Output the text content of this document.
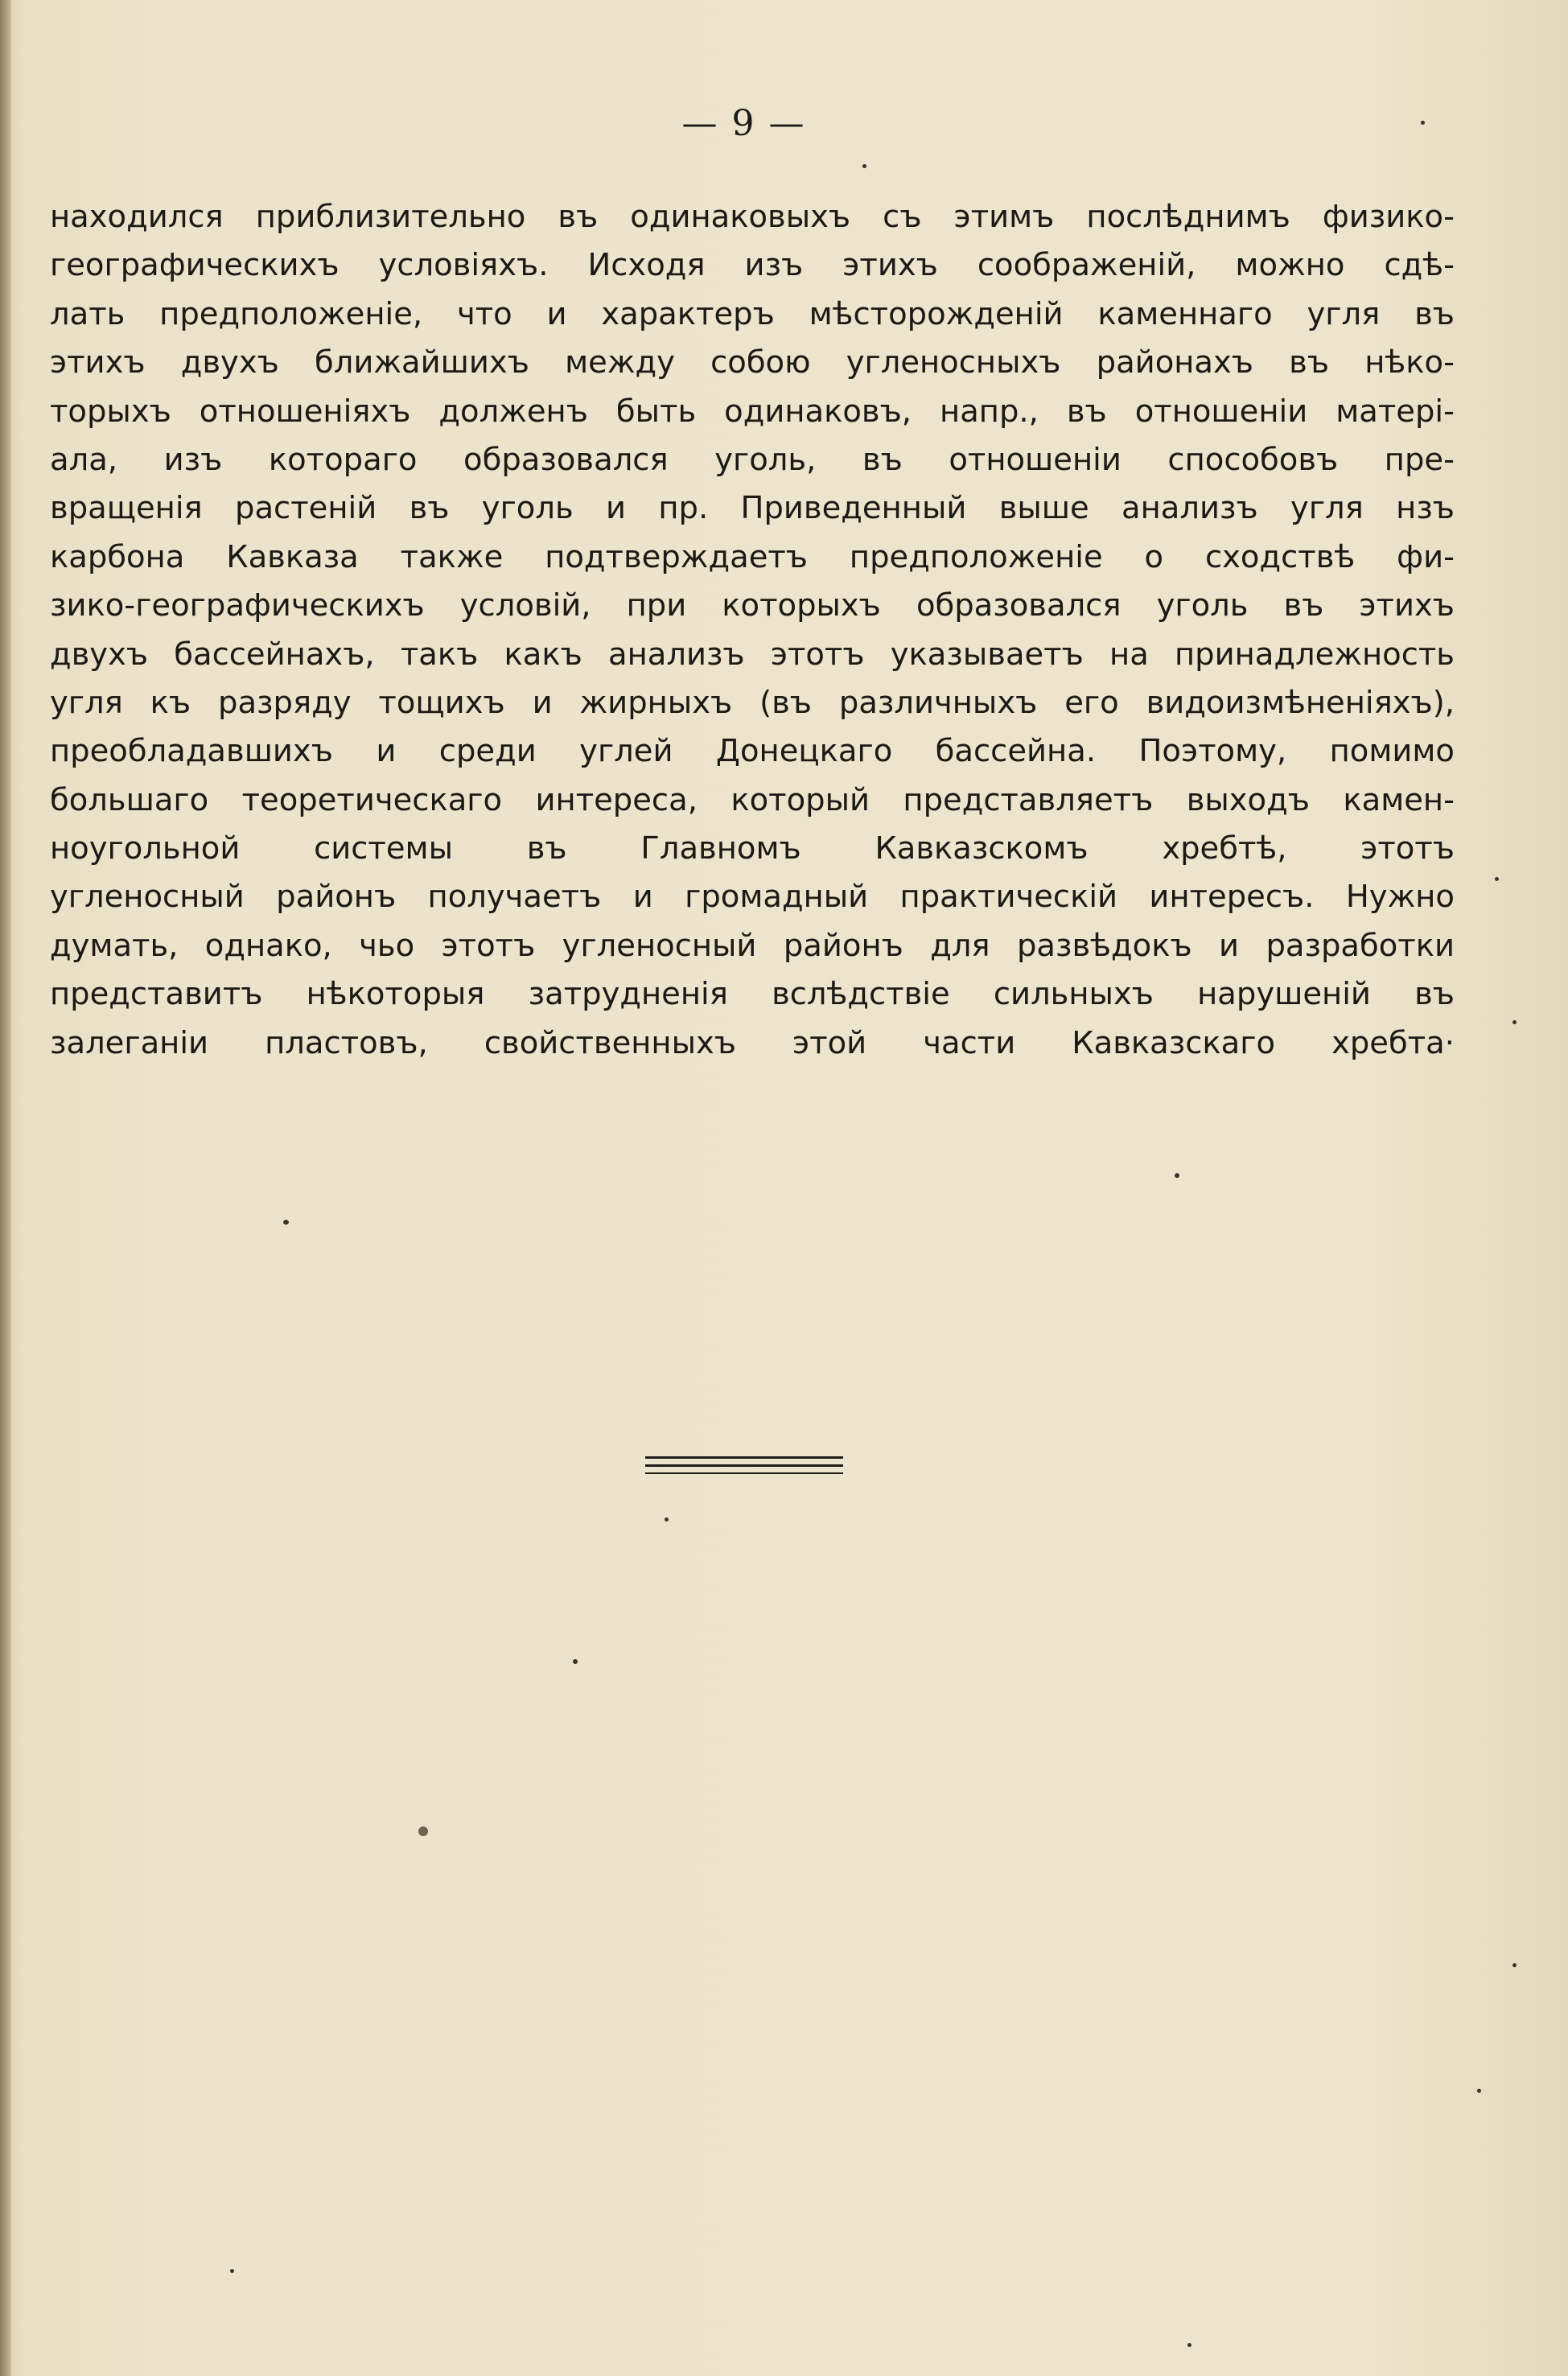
— 9 —
находился приблизительно въ одинаковыхъ съ этимъ послѣднимъ физико-
географическихъ условіяхъ. Исходя изъ этихъ соображеній, можно сдѣ-
лать предположеніе, что и характеръ мѣсторожденій каменнаго угля въ
этихъ двухъ ближайшихъ между собою угленосныхъ районахъ въ нѣко-
торыхъ отношеніяхъ долженъ быть одинаковъ, напр., въ отношеніи матері-
ала, изъ котораго образовался уголь, въ отношеніи способовъ пре-
вращенія растеній въ уголь и пр. Приведенный выше анализъ угля нзъ
карбона Кавказа также подтверждаетъ предположеніе о сходствѣ фи-
зико-географическихъ условій, при которыхъ образовался уголь въ этихъ
двухъ бассейнахъ, такъ какъ анализъ этотъ указываетъ на принадлежность
угля къ разряду тощихъ и жирныхъ (въ различныхъ его видоизмѣненіяхъ),
преобладавшихъ и среди углей Донецкаго бассейна. Поэтому, помимо
большаго теоретическаго интереса, который представляетъ выходъ камен-
ноугольной системы въ Главномъ Кавказскомъ хребтѣ, этотъ
угленосный районъ получаетъ и громадный практическій интересъ. Нужно
думать, однако, чьо этотъ угленосный районъ для развѣдокъ и разработки
представитъ нѣкоторыя затрудненія вслѣдствіе сильныхъ нарушеній въ
залеганіи пластовъ, свойственныхъ этой части Кавказскаго хребта·
